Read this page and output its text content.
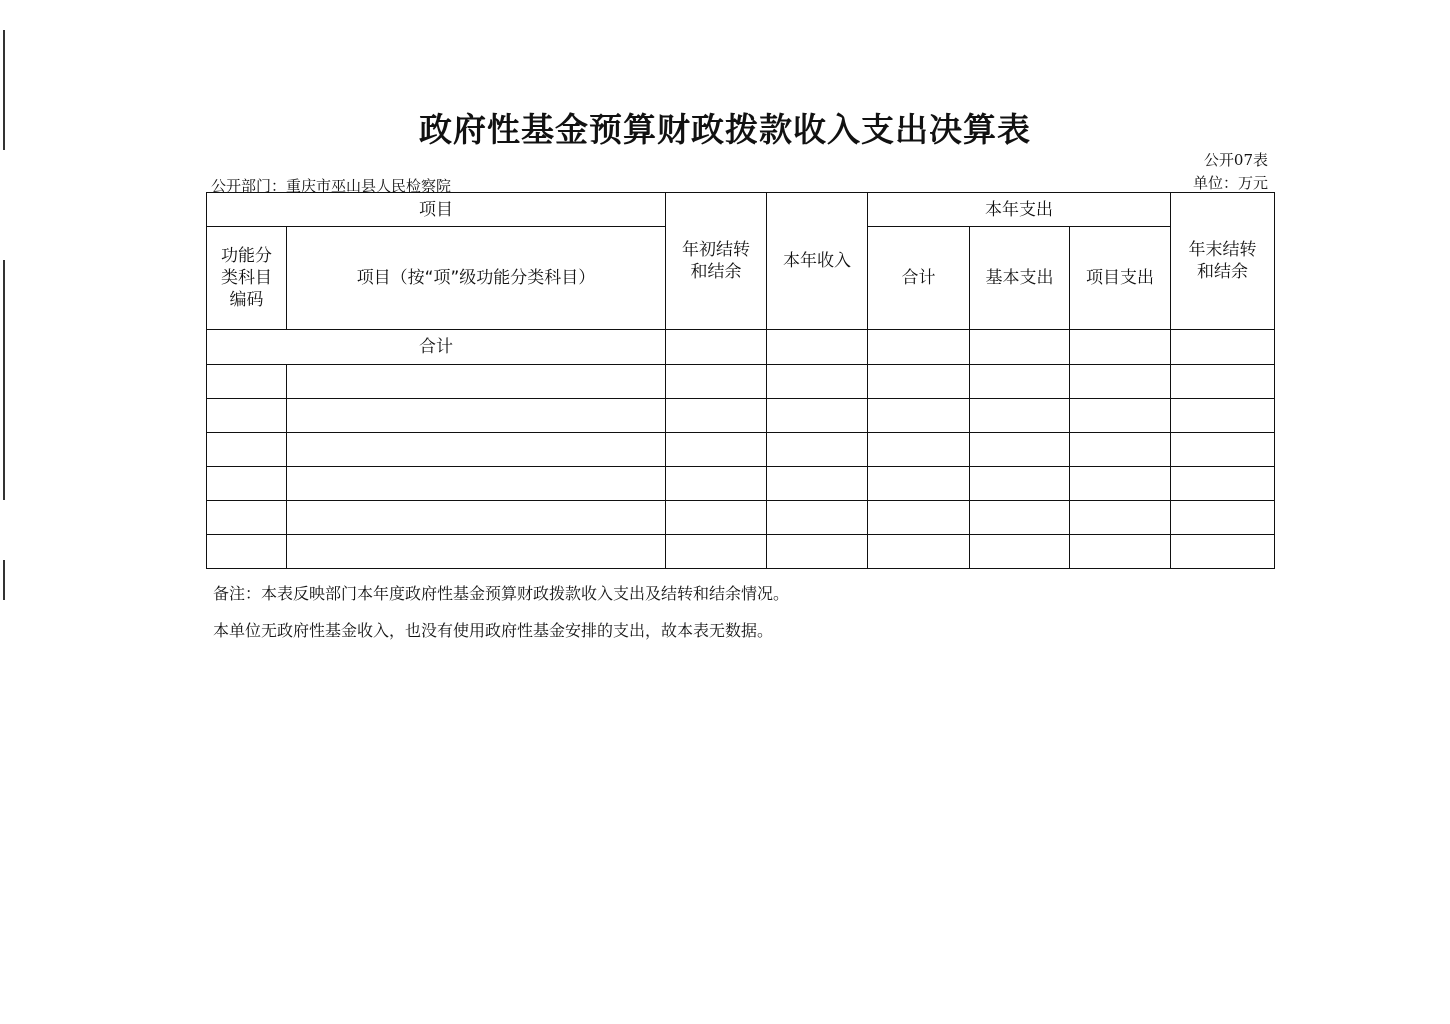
政府性基金预算财政拨款收入支出决算表
公开07表
公开部门：重庆市巫山县人民检察院	单位：万元
项目		年初结转和结余	本年收入	本年支出			年末结转和结余

功能分类科目编码	项目（按“项”级功能分类科目）			合计	基本支出	项目支出	
合计							

备注：本表反映部门本年度政府性基金预算财政拨款收入支出及结转和结余情况。
本单位无政府性基金收入，也没有使用政府性基金安排的支出，故本表无数据。
